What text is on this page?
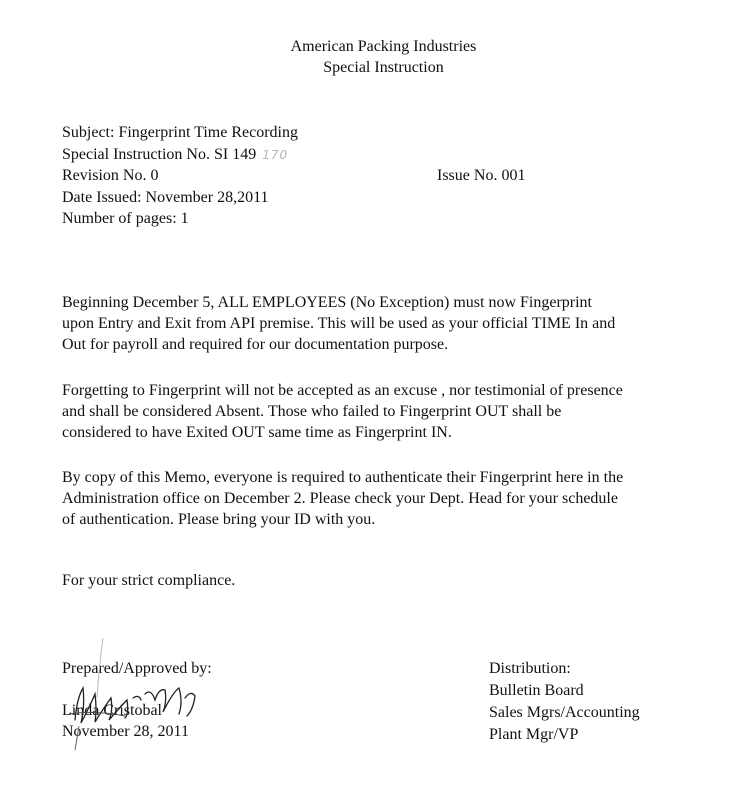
American Packing Industries
Special Instruction
Subject: Fingerprint Time Recording
Special Instruction No. SI 149 170
Revision No. 0
Date Issued: November 28,2011
Number of pages: 1
Issue No. 001
Beginning December 5, ALL EMPLOYEES (No Exception) must now Fingerprint
upon Entry and Exit from API premise. This will be used as your official TIME In and
Out for payroll and required for our documentation purpose.
Forgetting to Fingerprint will not be accepted as an excuse , nor testimonial of presence
and shall be considered Absent. Those who failed to Fingerprint OUT shall be
considered to have Exited OUT same time as Fingerprint IN.
By copy of this Memo, everyone is required to authenticate their Fingerprint here in the
Administration office on December 2. Please check your Dept. Head for your schedule
of authentication. Please bring your ID with you.
For your strict compliance.
Prepared/Approved by:
Linda Cristobal
November 28, 2011
Distribution:
Bulletin Board
Sales Mgrs/Accounting
Plant Mgr/VP
